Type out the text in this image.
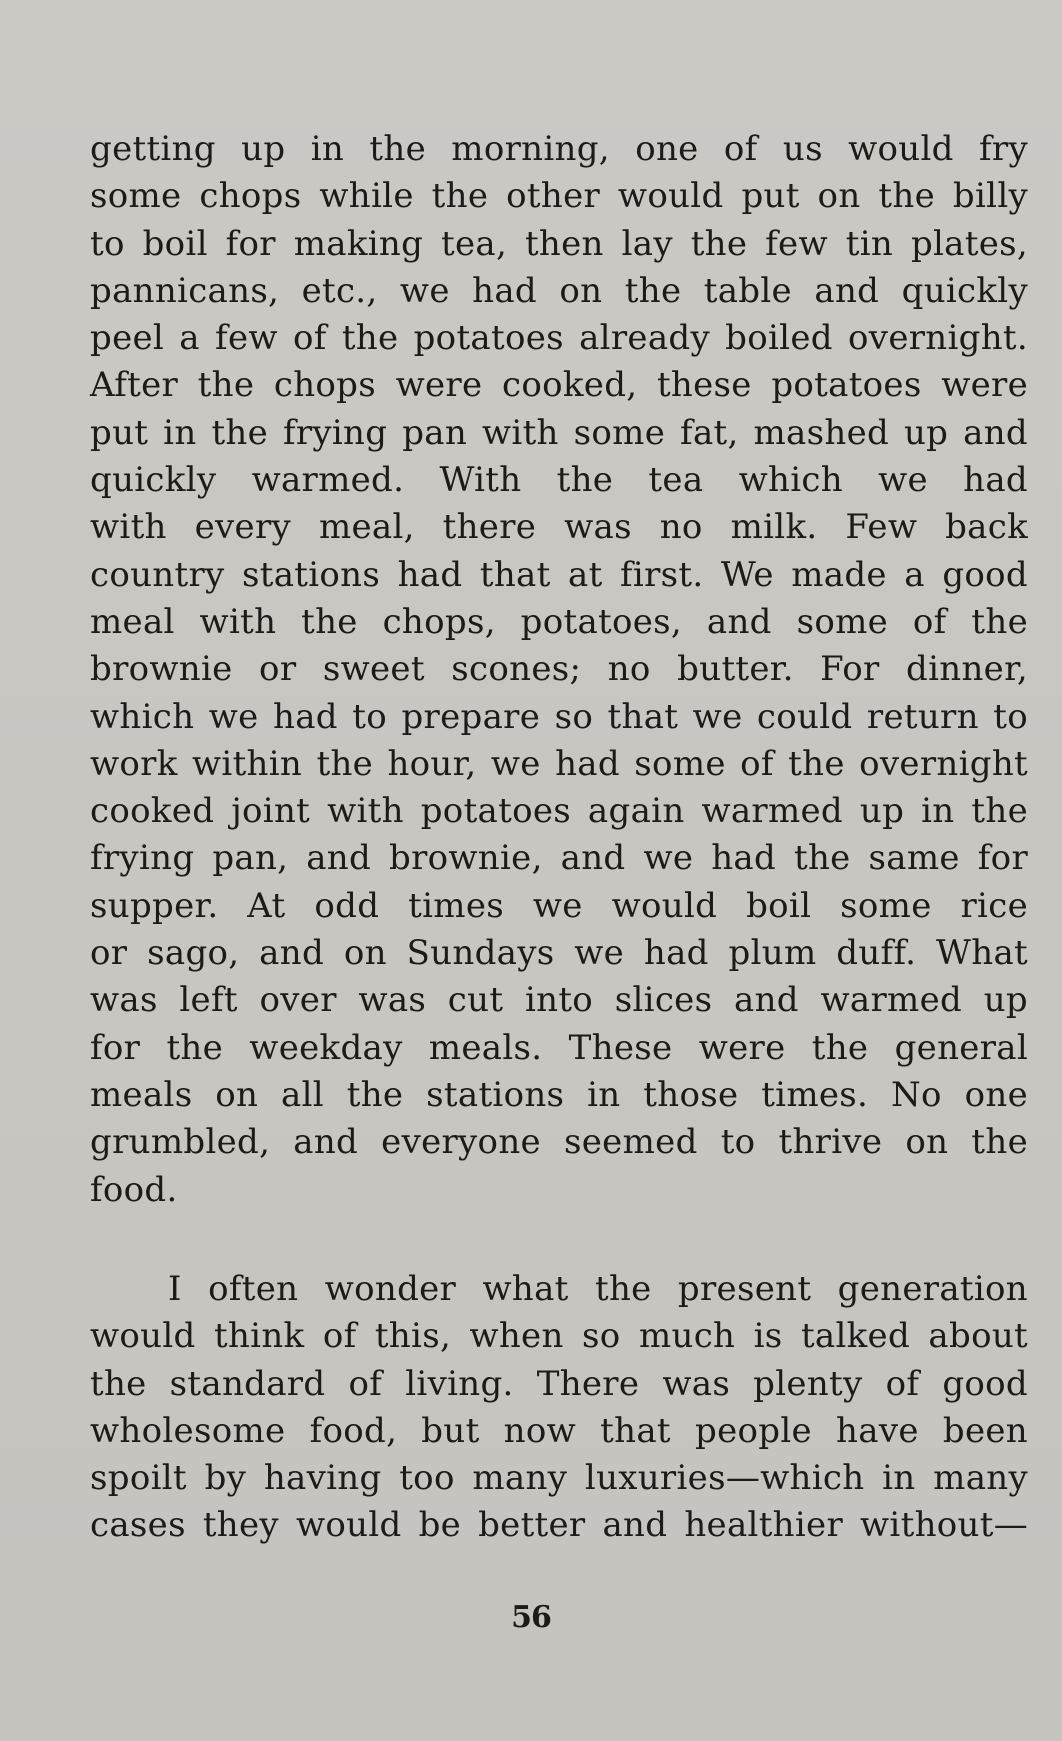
getting up in the morning, one of us would fry
some chops while the other would put on the billy
to boil for making tea, then lay the few tin plates,
pannicans, etc., we had on the table and quickly
peel a few of the potatoes already boiled overnight.
After the chops were cooked, these potatoes were
put in the frying pan with some fat, mashed up and
quickly warmed. With the tea which we had
with every meal, there was no milk. Few back
country stations had that at first. We made a good
meal with the chops, potatoes, and some of the
brownie or sweet scones; no butter. For dinner,
which we had to prepare so that we could return to
work within the hour, we had some of the overnight
cooked joint with potatoes again warmed up in the
frying pan, and brownie, and we had the same for
supper. At odd times we would boil some rice
or sago, and on Sundays we had plum duff. What
was left over was cut into slices and warmed up
for the weekday meals. These were the general
meals on all the stations in those times. No one
grumbled, and everyone seemed to thrive on the
food.
I often wonder what the present generation
would think of this, when so much is talked about
the standard of living. There was plenty of good
wholesome food, but now that people have been
spoilt by having too many luxuries—which in many
cases they would be better and healthier without—
56
